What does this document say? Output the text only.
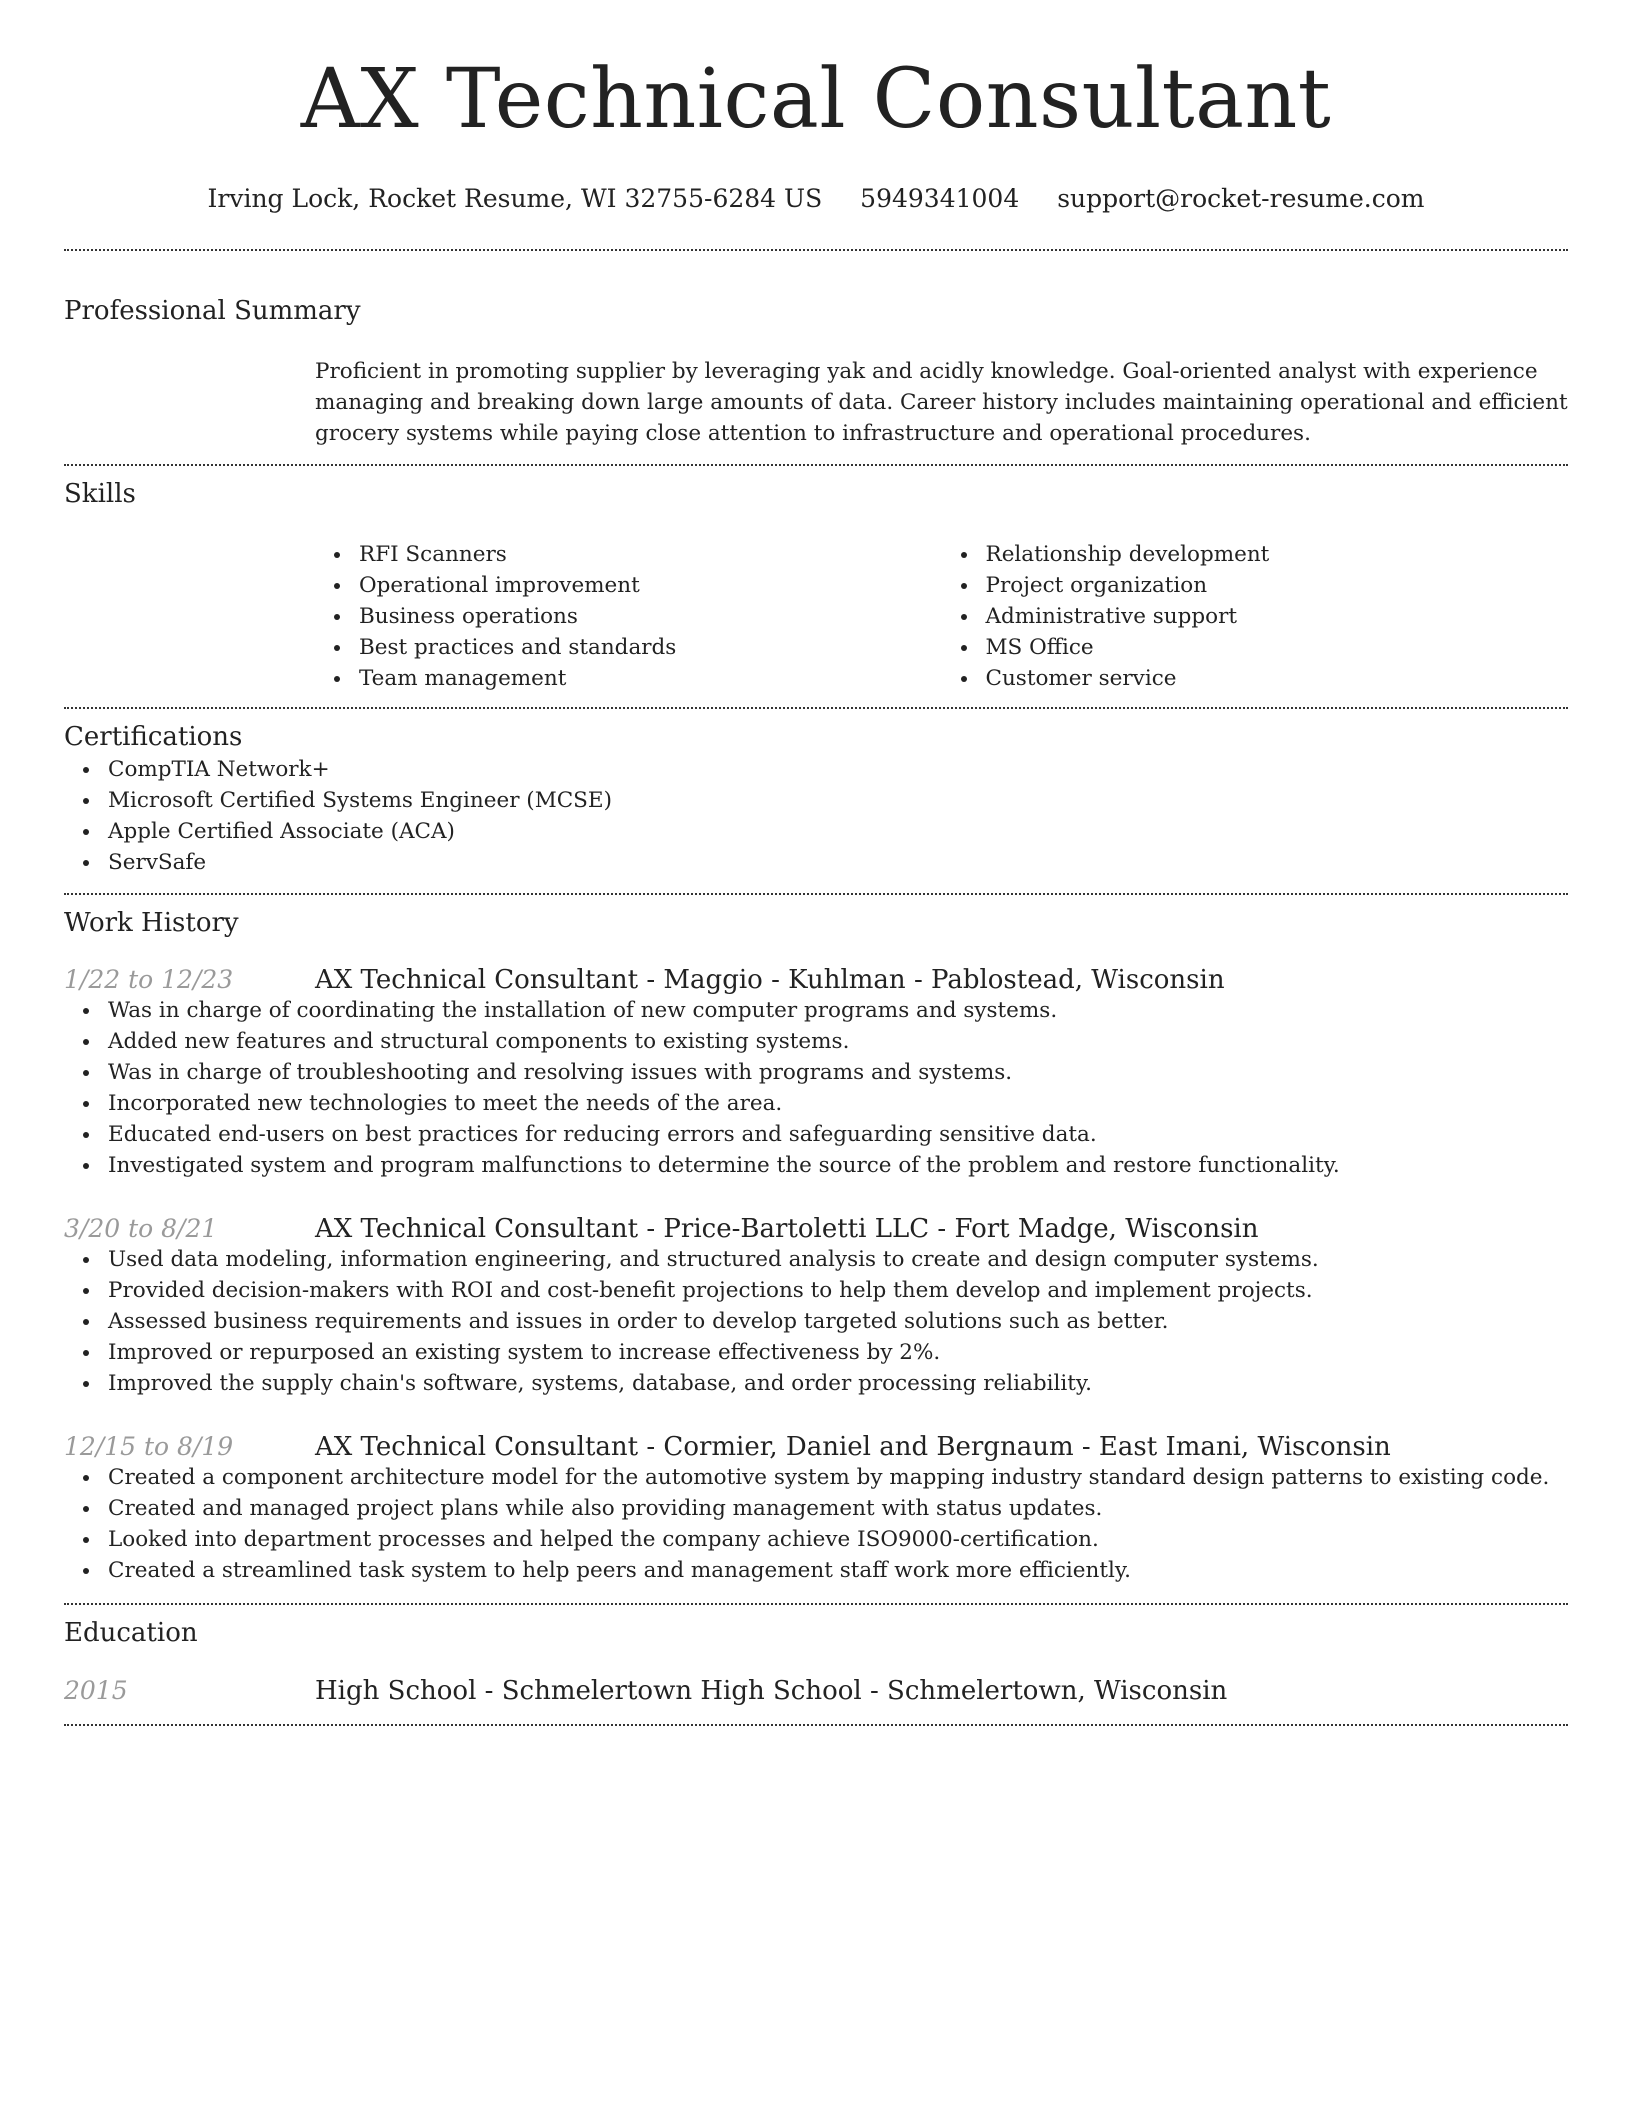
AX Technical Consultant
Irving Lock, Rocket Resume, WI 32755-6284 US 5949341004 support@rocket-resume.com
Professional Summary

Proficient in promoting supplier by leveraging yak and acidly knowledge. Goal-oriented analyst with experience managing and breaking down large amounts of data. Career history includes maintaining operational and efficient grocery systems while paying close attention to infrastructure and operational procedures.

Skills
RFI Scanners
Operational improvement
Business operations
Best practices and standards
Team management
Relationship development
Project organization
Administrative support
MS Office
Customer service
Certifications
CompTIA Network+
Microsoft Certified Systems Engineer (MCSE)
Apple Certified Associate (ACA)
ServSafe
Work History
1/22 to 12/23	AX Technical Consultant - Maggio - Kuhlman - Pablostead, Wisconsin
Was in charge of coordinating the installation of new computer programs and systems.
Added new features and structural components to existing systems.
Was in charge of troubleshooting and resolving issues with programs and systems.
Incorporated new technologies to meet the needs of the area.
Educated end-users on best practices for reducing errors and safeguarding sensitive data.
Investigated system and program malfunctions to determine the source of the problem and restore functionality.
3/20 to 8/21	AX Technical Consultant - Price-Bartoletti LLC - Fort Madge, Wisconsin
Used data modeling, information engineering, and structured analysis to create and design computer systems.
Provided decision-makers with ROI and cost-benefit projections to help them develop and implement projects.
Assessed business requirements and issues in order to develop targeted solutions such as better.
Improved or repurposed an existing system to increase effectiveness by 2%.
Improved the supply chain's software, systems, database, and order processing reliability.
12/15 to 8/19	AX Technical Consultant - Cormier, Daniel and Bergnaum - East Imani, Wisconsin
Created a component architecture model for the automotive system by mapping industry standard design patterns to existing code.
Created and managed project plans while also providing management with status updates.
Looked into department processes and helped the company achieve ISO9000-certification.
Created a streamlined task system to help peers and management staff work more efficiently.
Education
2015	High School - Schmelertown High School - Schmelertown, Wisconsin
